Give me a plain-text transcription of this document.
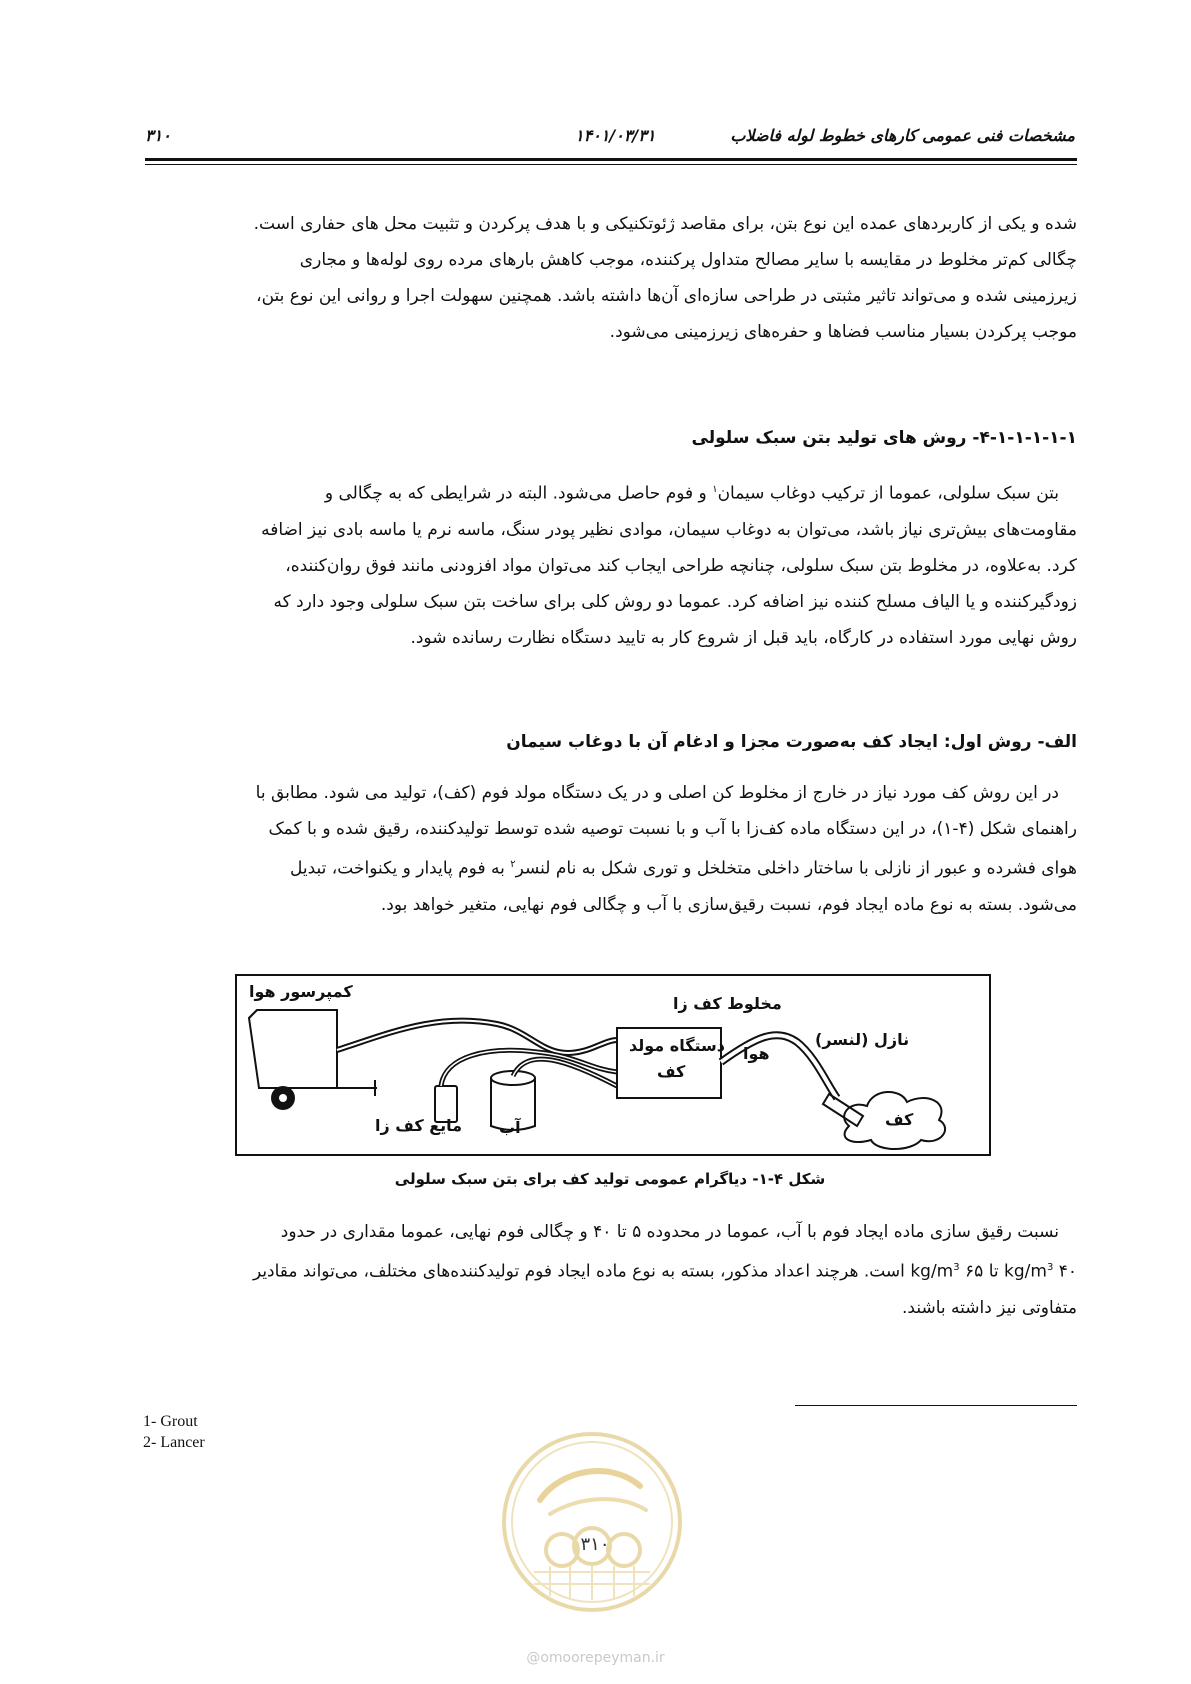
مشخصات فنی عمومی کارهای خطوط لوله فاضلاب
۱۴۰۱/۰۳/۳۱
۳۱۰
شده و یکی از کاربردهای عمده این نوع بتن، برای مقاصد ژئوتکنیکی و با هدف پرکردن و تثبیت محل های حفاری است.
چگالی کم‌تر مخلوط در مقایسه با سایر مصالح متداول پرکننده، موجب کاهش بارهای مرده روی لوله‌ها و مجاری
زیرزمینی شده و می‌تواند تاثیر مثبتی در طراحی سازه‌ای آن‌ها داشته باشد. همچنین سهولت اجرا و روانی این نوع بتن،
موجب پرکردن بسیار مناسب فضاها و حفره‌های زیرزمینی می‌شود.
۴-۱-۱-۱-۱-۱- روش های تولید بتن سبک سلولی
بتن سبک سلولی، عموما از ترکیب دوغاب سیمان$^۱$ و فوم حاصل می‌شود. البته در شرایطی که به چگالی و
مقاومت‌های بیش‌تری نیاز باشد، می‌توان به دوغاب سیمان، موادی نظیر پودر سنگ، ماسه نرم یا ماسه بادی نیز اضافه
کرد. به‌علاوه، در مخلوط بتن سبک سلولی، چنانچه طراحی ایجاب کند می‌توان مواد افزودنی مانند فوق روان‌کننده،
زودگیرکننده و یا الیاف مسلح کننده نیز اضافه کرد. عموما دو روش کلی برای ساخت بتن سبک سلولی وجود دارد که
روش نهایی مورد استفاده در کارگاه، باید قبل از شروع کار به تایید دستگاه نظارت رسانده شود.
الف- روش اول: ایجاد کف به‌صورت مجزا و ادغام آن با دوغاب سیمان
در این روش کف مورد نیاز در خارج از مخلوط کن اصلی و در یک دستگاه مولد فوم (کف)، تولید می شود. مطابق با
راهنمای شکل (۴-۱)، در این دستگاه ماده کف‌زا با آب و با نسبت توصیه شده توسط تولیدکننده، رقیق شده و با کمک
هوای فشرده و عبور از نازلی با ساختار داخلی متخلخل و توری شکل به نام لنسر$^۲$ به فوم پایدار و یکنواخت، تبدیل
می‌شود. بسته به نوع ماده ایجاد فوم، نسبت رقیق‌سازی با آب و چگالی فوم نهایی، متغیر خواهد بود.
کمپرسور هوا
مایع کف زا آب
دستگاه مولد
کف
مخلوط کف زا
هوا
نازل (لنسر)
کف
شکل ۴-۱- دیاگرام عمومی تولید کف برای بتن سبک سلولی
نسبت رقیق سازی ماده ایجاد فوم با آب، عموما در محدوده ۵ تا ۴۰ و چگالی فوم نهایی، عموما مقداری در حدود
۴۰ $kg/m^3$ تا ۶۵ $kg/m^3$ است. هرچند اعداد مذکور، بسته به نوع ماده ایجاد فوم تولیدکننده‌های مختلف، می‌تواند مقادیر
متفاوتی نیز داشته باشند.
1- Grout
2- Lancer
۳۱۰
@omoorepeyman.ir
